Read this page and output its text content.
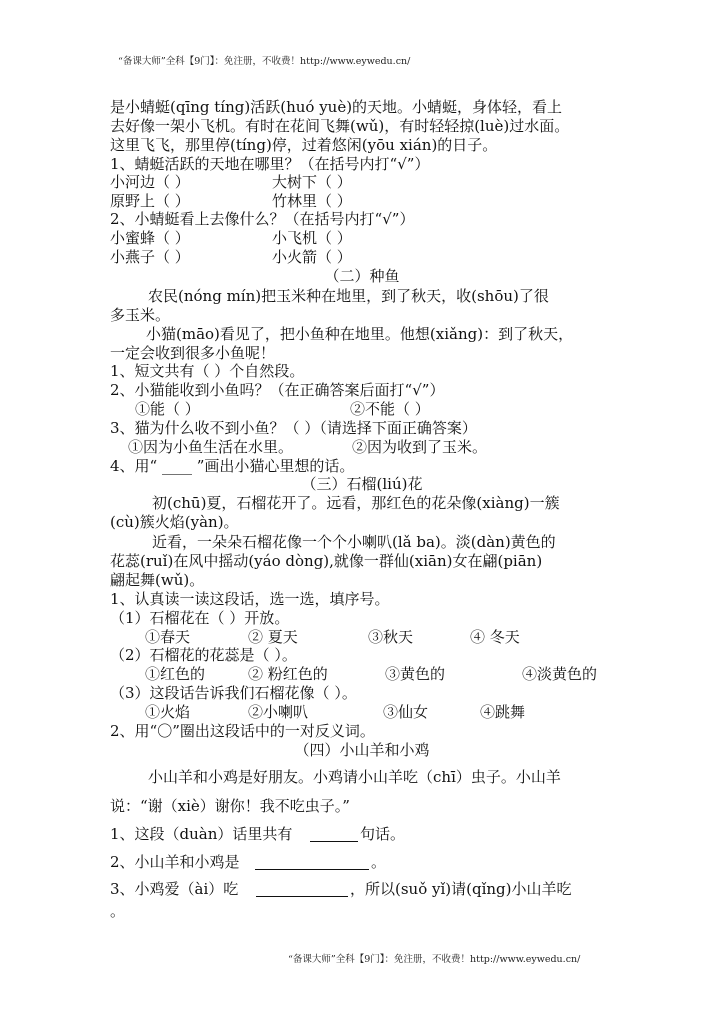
“备课大师”全科【9门】：免注册，不收费！http://www.eywedu.cn/
是小蜻蜓(qīng tíng)活跃(huó yuè)的天地。小蜻蜓，身体轻，看上
去好像一架小飞机。有时在花间飞舞(wǔ)，有时轻轻掠(luè)过水面。
这里飞飞，那里停(tíng)停，过着悠闲(yōu xián)的日子。
1、蜻蜓活跃的天地在哪里？（在括号内打“√”）
小河边（ ）	大树下（ ）
原野上（ ）	竹林里（ ）
2、小蜻蜓看上去像什么？（在括号内打“√”）
小蜜蜂（ ）	小飞机（ ）
小燕子（ ）	小火箭（ ）
（二）种鱼
农民(nóng mín)把玉米种在地里，到了秋天，收(shōu)了很
多玉米。
小猫(māo)看见了，把小鱼种在地里。他想(xiǎng)：到了秋天，
一定会收到很多小鱼呢！
1、短文共有（ ）个自然段。
2、小猫能收到小鱼吗？（在正确答案后面打“√”）
①能（ ）	②不能（ ）
3、猫为什么收不到小鱼？（ ）（请选择下面正确答案）
①因为小鱼生活在水里。	②因为收到了玉米。
4、用“ ____ ”画出小猫心里想的话。
（三）石榴(liú)花
初(chū)夏，石榴花开了。远看，那红色的花朵像(xiàng)一簇
(cù)簇火焰(yàn)。
近看，一朵朵石榴花像一个个小喇叭(lǎ ba)。淡(dàn)黄色的
花蕊(ruǐ)在风中摇动(yáo dòng),就像一群仙(xiān)女在翩(piān)
翩起舞(wǔ)。
1、认真读一读这段话，选一选，填序号。
（1）石榴花在（ ）开放。
①春天	② 夏天	③秋天	④ 冬天
（2）石榴花的花蕊是（ ）。
①红色的	② 粉红色的	③黄色的	④淡黄色的
（3）这段话告诉我们石榴花像（ ）。
①火焰	②小喇叭	③仙女	④跳舞
2、用“〇”圈出这段话中的一对反义词。
（四）小山羊和小鸡
小山羊和小鸡是好朋友。小鸡请小山羊吃（chī）虫子。小山羊
说：“谢（xiè）谢你！我不吃虫子。”
1、这段（duàn）话里共有	句话。
2、小山羊和小鸡是	。
3、小鸡爱（ài）吃	，所以(suǒ yǐ)请(qǐng)小山羊吃
。
“备课大师”全科【9门】：免注册，不收费！http://www.eywedu.cn/
